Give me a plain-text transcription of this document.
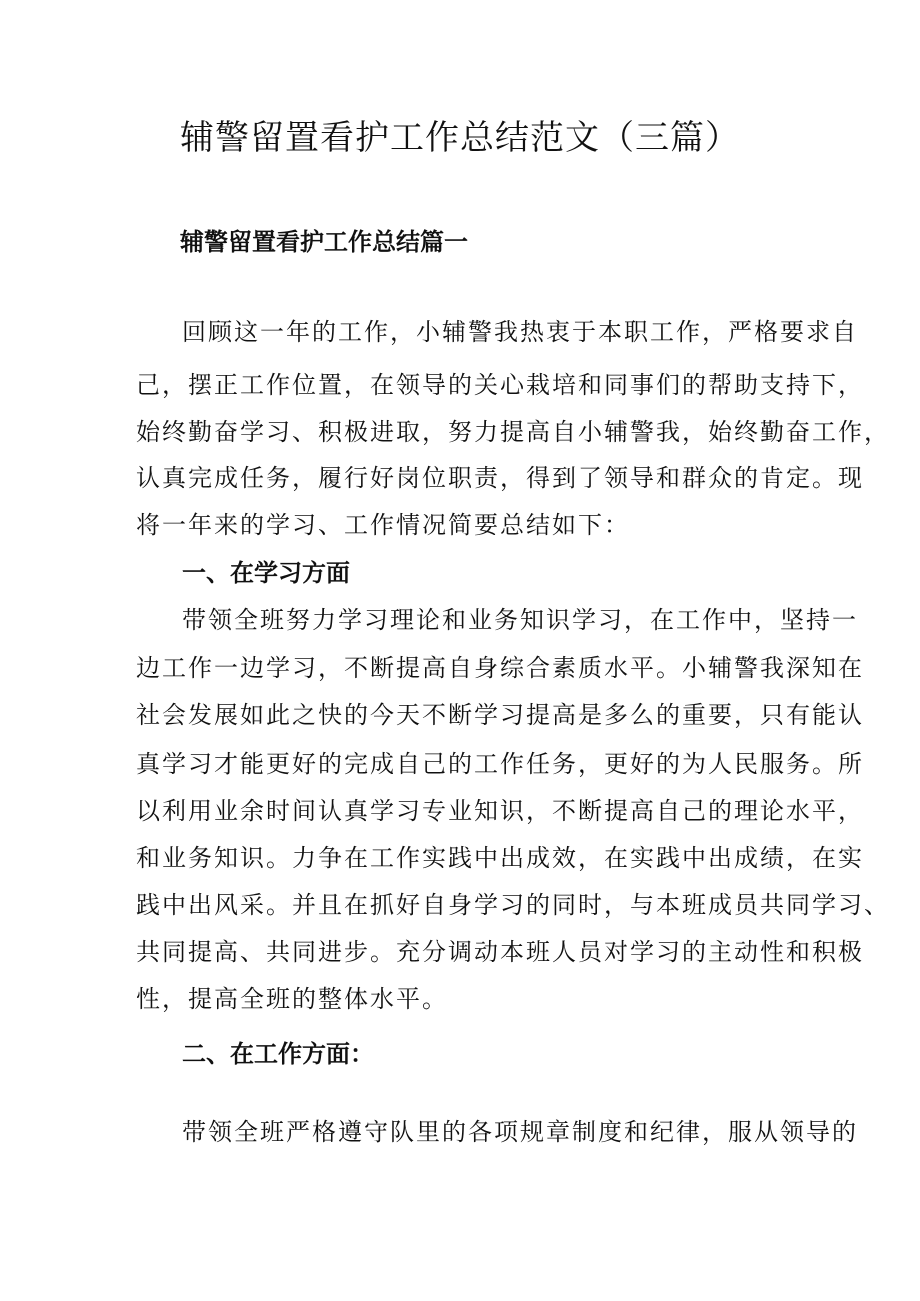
辅警留置看护工作总结范文（三篇）
辅警留置看护工作总结篇一

回顾这一年的工作，小辅警我热衷于本职工作，严格要求自

己，摆正工作位置，在领导的关心栽培和同事们的帮助支持下，

始终勤奋学习、积极进取，努力提高自小辅警我，始终勤奋工作，

认真完成任务，履行好岗位职责，得到了领导和群众的肯定。现

将一年来的学习、工作情况简要总结如下：

一、在学习方面

带领全班努力学习理论和业务知识学习，在工作中，坚持一

边工作一边学习，不断提高自身综合素质水平。小辅警我深知在

社会发展如此之快的今天不断学习提高是多么的重要，只有能认

真学习才能更好的完成自己的工作任务，更好的为人民服务。所

以利用业余时间认真学习专业知识，不断提高自己的理论水平，

和业务知识。力争在工作实践中出成效，在实践中出成绩，在实

践中出风采。并且在抓好自身学习的同时，与本班成员共同学习、

共同提高、共同进步。充分调动本班人员对学习的主动性和积极

性，提高全班的整体水平。

二、在工作方面：

带领全班严格遵守队里的各项规章制度和纪律，服从领导的
